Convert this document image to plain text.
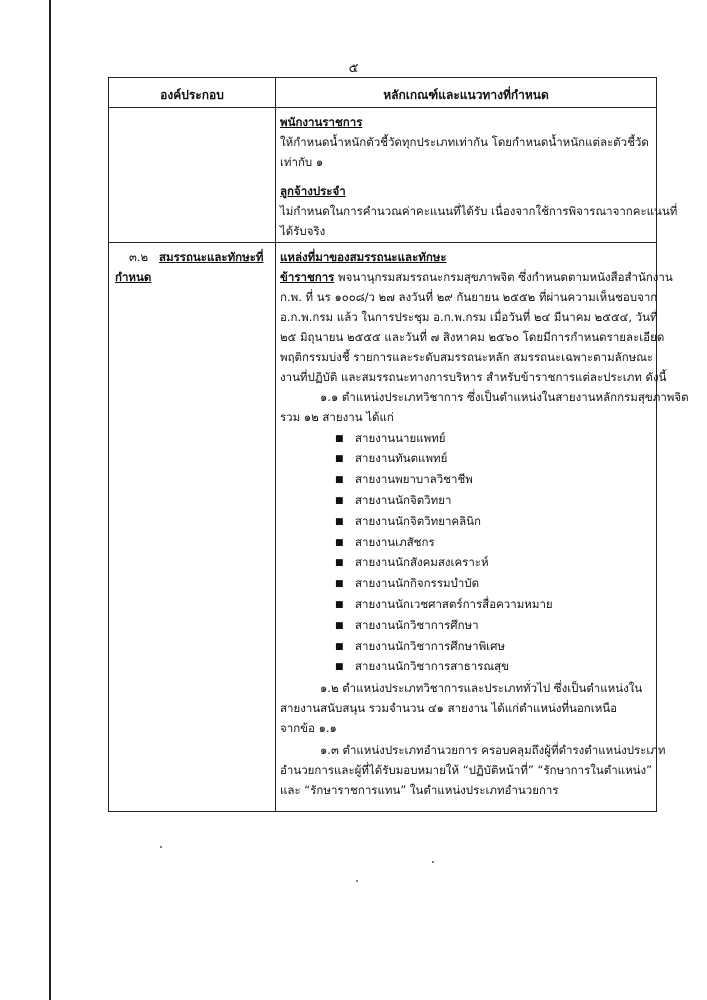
๕
องค์ประกอบ	หลักเกณฑ์และแนวทางที่กำหนด
พนักงานราชการ
ให้กำหนดน้ำหนักตัวชี้วัดทุกประเภทเท่ากัน โดยกำหนดน้ำหนักแต่ละตัวชี้วัด
เท่ากับ ๑
ลูกจ้างประจำ
ไม่กำหนดในการคำนวณค่าคะแนนที่ได้รับ เนื่องจากใช้การพิจารณาจากคะแนนที่
ได้รับจริง
๓.๒ สมรรถนะและทักษะที่
กำหนด
แหล่งที่มาของสมรรถนะและทักษะ
ข้าราชการ พจนานุกรมสมรรถนะกรมสุขภาพจิต ซึ่งกำหนดตามหนังสือสำนักงาน
ก.พ. ที่ นร ๑๐๐๘/ว ๒๗ ลงวันที่ ๒๙ กันยายน ๒๕๕๒ ที่ผ่านความเห็นชอบจาก
อ.ก.พ.กรม แล้ว ในการประชุม อ.ก.พ.กรม เมื่อวันที่ ๒๔ มีนาคม ๒๕๕๔, วันที่
๒๕ มิถุนายน ๒๕๕๕ และวันที่ ๗ สิงหาคม ๒๕๖๐ โดยมีการกำหนดรายละเอียด
พฤติกรรมบ่งชี้ รายการและระดับสมรรถนะหลัก สมรรถนะเฉพาะตามลักษณะ
งานที่ปฏิบัติ และสมรรถนะทางการบริหาร สำหรับข้าราชการแต่ละประเภท ดังนี้
๑.๑ ตำแหน่งประเภทวิชาการ ซึ่งเป็นตำแหน่งในสายงานหลักกรมสุขภาพจิต
รวม ๑๒ สายงาน ได้แก่
■ สายงานนายแพทย์
■ สายงานทันตแพทย์
■ สายงานพยาบาลวิชาชีพ
■ สายงานนักจิตวิทยา
■ สายงานนักจิตวิทยาคลินิก
■ สายงานเภสัชกร
■ สายงานนักสังคมสงเคราะห์
■ สายงานนักกิจกรรมบำบัด
■ สายงานนักเวชศาสตร์การสื่อความหมาย
■ สายงานนักวิชาการศึกษา
■ สายงานนักวิชาการศึกษาพิเศษ
■ สายงานนักวิชาการสาธารณสุข
๑.๒ ตำแหน่งประเภทวิชาการและประเภททั่วไป ซึ่งเป็นตำแหน่งใน
สายงานสนับสนุน รวมจำนวน ๔๑ สายงาน ได้แก่ตำแหน่งที่นอกเหนือ
จากข้อ ๑.๑
๑.๓ ตำแหน่งประเภทอำนวยการ ครอบคลุมถึงผู้ที่ดำรงตำแหน่งประเภท
อำนวยการและผู้ที่ได้รับมอบหมายให้ “ปฏิบัติหน้าที่” “รักษาการในตำแหน่ง”
และ “รักษาราชการแทน” ในตำแหน่งประเภทอำนวยการ
